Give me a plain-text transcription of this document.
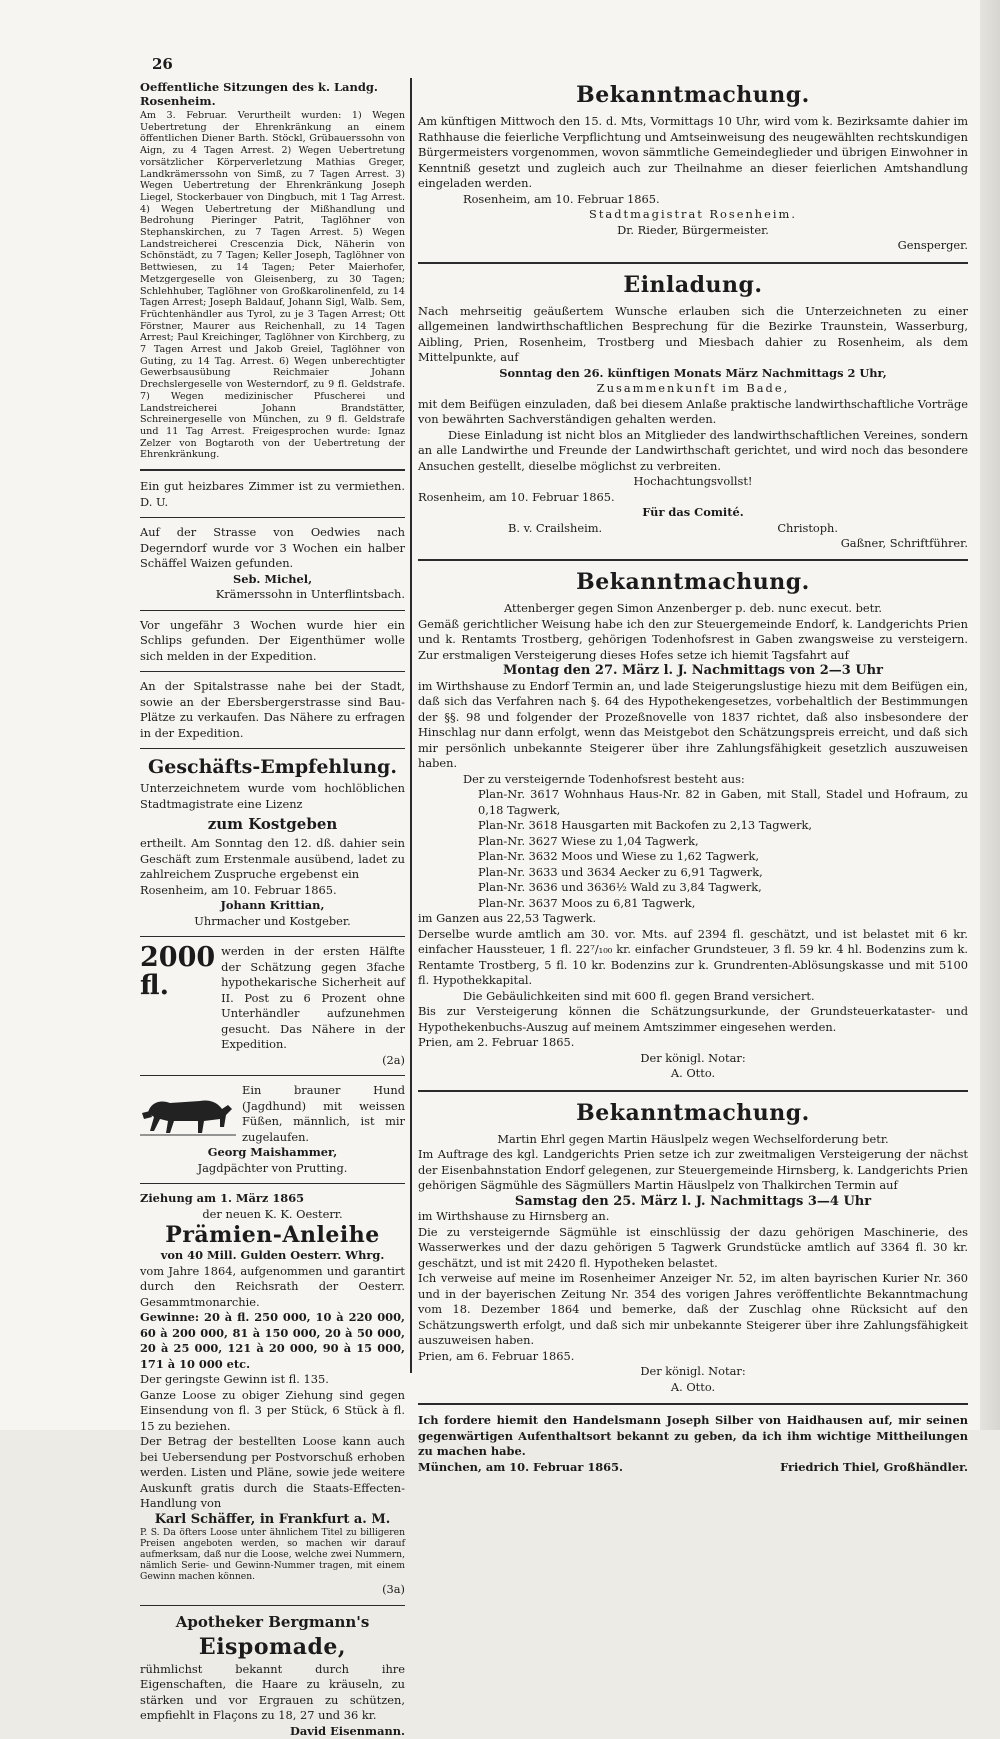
26
Oeffentliche Sitzungen des k. Landg. Rosenheim.

Am 3. Februar. Verurtheilt wurden: 1) Wegen Uebertretung der Ehrenkränkung an einem öffentlichen Diener Barth. Stöckl, Grübauerssohn von Aign, zu 4 Tagen Arrest. 2) Wegen Uebertretung vorsätzlicher Körperverletzung Mathias Greger, Landkrämerssohn von Simß, zu 7 Tagen Arrest. 3) Wegen Uebertretung der Ehrenkränkung Joseph Liegel, Stockerbauer von Dingbuch, mit 1 Tag Arrest. 4) Wegen Uebertretung der Mißhandlung und Bedrohung Pieringer Patrit, Taglöhner von Stephanskirchen, zu 7 Tagen Arrest. 5) Wegen Landstreicherei Crescenzia Dick, Näherin von Schönstädt, zu 7 Tagen; Keller Joseph, Taglöhner von Bettwiesen, zu 14 Tagen; Peter Maierhofer, Metzgergeselle von Gleisenberg, zu 30 Tagen; Schlehhuber, Taglöhner von Großkarolinenfeld, zu 14 Tagen Arrest; Joseph Baldauf, Johann Sigl, Walb. Sem, Früchtenhändler aus Tyrol, zu je 3 Tagen Arrest; Ott Förstner, Maurer aus Reichenhall, zu 14 Tagen Arrest; Paul Kreichinger, Taglöhner von Kirchberg, zu 7 Tagen Arrest und Jakob Greiel, Taglöhner von Guting, zu 14 Tag. Arrest. 6) Wegen unberechtigter Gewerbsausübung Reichmaier Johann Drechslergeselle von Westerndorf, zu 9 fl. Geldstrafe. 7) Wegen medizinischer Pfuscherei und Landstreicherei Johann Brandstätter, Schreinergeselle von München, zu 9 fl. Geldstrafe und 11 Tag Arrest. Freigesprochen wurde: Ignaz Zelzer von Bogtaroth von der Uebertretung der Ehrenkränkung.

Ein gut heizbares Zimmer ist zu vermiethen. D. U.

Auf der Strasse von Oedwies nach Degerndorf wurde vor 3 Wochen ein halber Schäffel Waizen gefunden.

Seb. Michel,
Krämerssohn in Unterflintsbach.

Vor ungefähr 3 Wochen wurde hier ein Schlips gefunden. Der Eigenthümer wolle sich melden in der Expedition.

An der Spitalstrasse nahe bei der Stadt, sowie an der Ebersbergerstrasse sind Bau-Plätze zu verkaufen. Das Nähere zu erfragen in der Expedition.

Geschäfts-Empfehlung.

Unterzeichnetem wurde vom hochlöblichen Stadtmagistrate eine Lizenz

zum Kostgeben

ertheilt. Am Sonntag den 12. dß. dahier sein Geschäft zum Erstenmale ausübend, ladet zu zahlreichem Zuspruche ergebenst ein

Rosenheim, am 10. Februar 1865.
Johann Krittian,
Uhrmacher und Kostgeber.
2000 fl.

werden in der ersten Hälfte der Schätzung gegen 3fache hypothekarische Sicherheit auf II. Post zu 6 Prozent ohne Unterhändler aufzunehmen gesucht. Das Nähere in der Expedition.

(2a)

Ein brauner Hund (Jagdhund) mit weissen Füßen, männlich, ist mir zugelaufen.

Georg Maishammer,
Jagdpächter von Prutting.
Ziehung am 1. März 1865
der neuen K. K. Oesterr.
Prämien-Anleihe
von 40 Mill. Gulden Oesterr. Whrg.

vom Jahre 1864, aufgenommen und garantirt durch den Reichsrath der Oesterr. Gesammtmonarchie.

Gewinne: 20 à fl. 250 000, 10 à 220 000, 60 à 200 000, 81 à 150 000, 20 à 50 000, 20 à 25 000, 121 à 20 000, 90 à 15 000, 171 à 10 000 etc.

Der geringste Gewinn ist fl. 135.

Ganze Loose zu obiger Ziehung sind gegen Einsendung von fl. 3 per Stück, 6 Stück à fl. 15 zu beziehen.

Der Betrag der bestellten Loose kann auch bei Uebersendung per Postvorschuß erhoben werden. Listen und Pläne, sowie jede weitere Auskunft gratis durch die Staats-Effecten-Handlung von

Karl Schäffer, in Frankfurt a. M.

P. S. Da öfters Loose unter ähnlichem Titel zu billigeren Preisen angeboten werden, so machen wir darauf aufmerksam, daß nur die Loose, welche zwei Nummern, nämlich Serie- und Gewinn-Nummer tragen, mit einem Gewinn machen können.

(3a)
Apotheker Bergmann's
Eispomade,

rühmlichst bekannt durch ihre Eigenschaften, die Haare zu kräuseln, zu stärken und vor Ergrauen zu schützen, empfiehlt in Flaçons zu 18, 27 und 36 kr.

David Eisenmann.
Bekanntmachung.

Am künftigen Mittwoch den 15. d. Mts, Vormittags 10 Uhr, wird vom k. Bezirksamte dahier im Rathhause die feierliche Verpflichtung und Amtseinweisung des neugewählten rechtskundigen Bürgermeisters vorgenommen, wovon sämmtliche Gemeindeglieder und übrigen Einwohner in Kenntniß gesetzt und zugleich auch zur Theilnahme an dieser feierlichen Amtshandlung eingeladen werden.

Rosenheim, am 10. Februar 1865.
Stadtmagistrat Rosenheim.
Dr. Rieder, Bürgermeister.
Gensperger.
Einladung.

Nach mehrseitig geäußertem Wunsche erlauben sich die Unterzeichneten zu einer allgemeinen landwirthschaftlichen Besprechung für die Bezirke Traunstein, Wasserburg, Aibling, Prien, Rosenheim, Trostberg und Miesbach dahier zu Rosenheim, als dem Mittelpunkte, auf

Sonntag den 26. künftigen Monats März Nachmittags 2 Uhr,
Zusammenkunft im Bade,

mit dem Beifügen einzuladen, daß bei diesem Anlaße praktische landwirthschaftliche Vorträge von bewährten Sachverständigen gehalten werden.

Diese Einladung ist nicht blos an Mitglieder des landwirthschaftlichen Vereines, sondern an alle Landwirthe und Freunde der Landwirthschaft gerichtet, und wird noch das besondere Ansuchen gestellt, dieselbe möglichst zu verbreiten.

Hochachtungsvollst!
Rosenheim, am 10. Februar 1865.
Für das Comité.
B. v. Crailsheim.	Christoph.
Gaßner, Schriftführer.
Bekanntmachung.
Attenberger gegen Simon Anzenberger p. deb. nunc execut. betr.

Gemäß gerichtlicher Weisung habe ich den zur Steuergemeinde Endorf, k. Landgerichts Prien und k. Rentamts Trostberg, gehörigen Todenhofsrest in Gaben zwangsweise zu versteigern. Zur erstmaligen Versteigerung dieses Hofes setze ich hiemit Tagsfahrt auf

Montag den 27. März l. J. Nachmittags von 2—3 Uhr

im Wirthshause zu Endorf Termin an, und lade Steigerungslustige hiezu mit dem Beifügen ein, daß sich das Verfahren nach §. 64 des Hypothekengesetzes, vorbehaltlich der Bestimmungen der §§. 98 und folgender der Prozeßnovelle von 1837 richtet, daß also insbesondere der Hinschlag nur dann erfolgt, wenn das Meistgebot den Schätzungspreis erreicht, und daß sich mir persönlich unbekannte Steigerer über ihre Zahlungsfähigkeit gesetzlich auszuweisen haben.

Der zu versteigernde Todenhofsrest besteht aus:

Plan-Nr. 3617 Wohnhaus Haus-Nr. 82 in Gaben, mit Stall, Stadel und Hofraum, zu 0,18 Tagwerk,
Plan-Nr. 3618 Hausgarten mit Backofen zu 2,13 Tagwerk,
Plan-Nr. 3627 Wiese zu 1,04 Tagwerk,
Plan-Nr. 3632 Moos und Wiese zu 1,62 Tagwerk,
Plan-Nr. 3633 und 3634 Aecker zu 6,91 Tagwerk,
Plan-Nr. 3636 und 3636½ Wald zu 3,84 Tagwerk,
Plan-Nr. 3637 Moos zu 6,81 Tagwerk,
im Ganzen aus 22,53 Tagwerk.

Derselbe wurde amtlich am 30. vor. Mts. auf 2394 fl. geschätzt, und ist belastet mit 6 kr. einfacher Haussteuer, 1 fl. 22⁷/₁₀₀ kr. einfacher Grundsteuer, 3 fl. 59 kr. 4 hl. Bodenzins zum k. Rentamte Trostberg, 5 fl. 10 kr. Bodenzins zur k. Grundrenten-Ablösungskasse und mit 5100 fl. Hypothekkapital.

Die Gebäulichkeiten sind mit 600 fl. gegen Brand versichert.

Bis zur Versteigerung können die Schätzungsurkunde, der Grundsteuerkataster- und Hypothekenbuchs-Auszug auf meinem Amtszimmer eingesehen werden.

Prien, am 2. Februar 1865.
Der königl. Notar:
A. Otto.
Bekanntmachung.
Martin Ehrl gegen Martin Häuslpelz wegen Wechselforderung betr.

Im Auftrage des kgl. Landgerichts Prien setze ich zur zweitmaligen Versteigerung der nächst der Eisenbahnstation Endorf gelegenen, zur Steuergemeinde Hirnsberg, k. Landgerichts Prien gehörigen Sägmühle des Sägmüllers Martin Häuslpelz von Thalkirchen Termin auf

Samstag den 25. März l. J. Nachmittags 3—4 Uhr
im Wirthshause zu Hirnsberg an.

Die zu versteigernde Sägmühle ist einschlüssig der dazu gehörigen Maschinerie, des Wasserwerkes und der dazu gehörigen 5 Tagwerk Grundstücke amtlich auf 3364 fl. 30 kr. geschätzt, und ist mit 2420 fl. Hypotheken belastet.

Ich verweise auf meine im Rosenheimer Anzeiger Nr. 52, im alten bayrischen Kurier Nr. 360 und in der bayerischen Zeitung Nr. 354 des vorigen Jahres veröffentlichte Bekanntmachung vom 18. Dezember 1864 und bemerke, daß der Zuschlag ohne Rücksicht auf den Schätzungswerth erfolgt, und daß sich mir unbekannte Steigerer über ihre Zahlungsfähigkeit auszuweisen haben.

Prien, am 6. Februar 1865.
Der königl. Notar:
A. Otto.

Ich fordere hiemit den Handelsmann Joseph Silber von Haidhausen auf, mir seinen gegenwärtigen Aufenthaltsort bekannt zu geben, da ich ihm wichtige Mittheilungen zu machen habe.

München, am 10. Februar 1865.	Friedrich Thiel, Großhändler.
